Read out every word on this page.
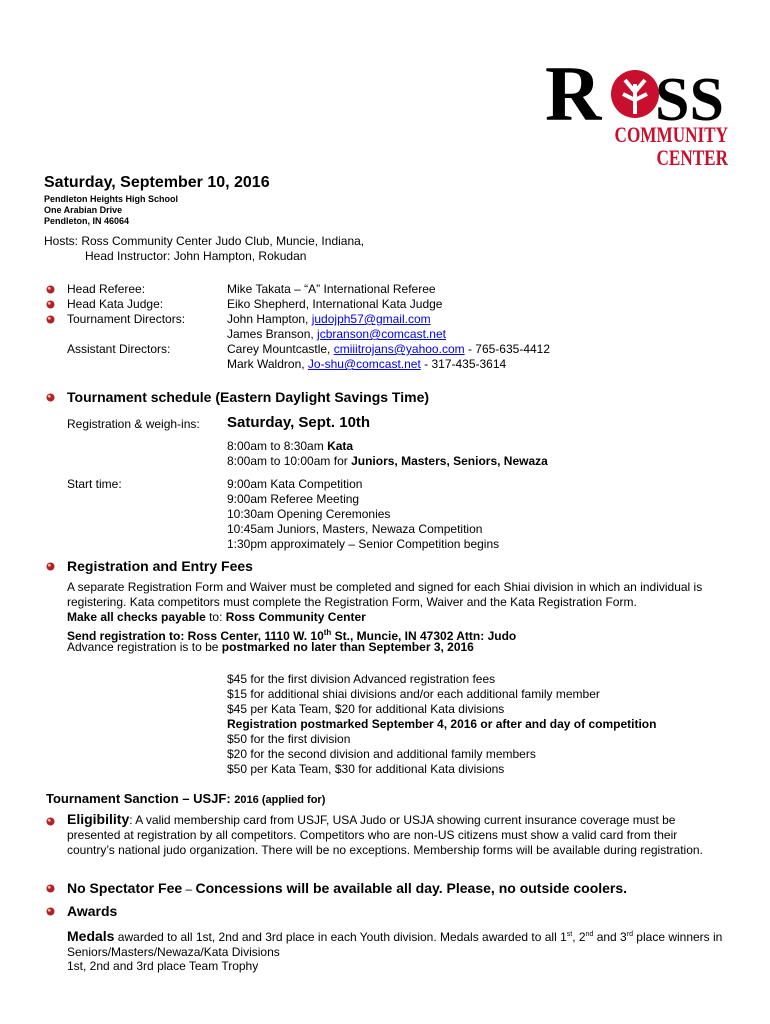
R SS
COMMUNITY
CENTER
Saturday, September 10, 2016
Pendleton Heights High School
One Arabian Drive
Pendleton, IN 46064
Hosts: Ross Community Center Judo Club, Muncie, Indiana,
Head Instructor: John Hampton, Rokudan
Head Referee:	Mike Takata – “A” International Referee
Head Kata Judge:	Eiko Shepherd, International Kata Judge
Tournament Directors:	John Hampton, judojph57@gmail.com
James Branson, jcbranson@comcast.net
Assistant Directors:	Carey Mountcastle, cmiiitrojans@yahoo.com - 765-635-4412
Mark Waldron, Jo-shu@comcast.net - 317-435-3614
Tournament schedule (Eastern Daylight Savings Time)
Registration & weigh-ins: Saturday, Sept. 10th
8:00am to 8:30am Kata
8:00am to 10:00am for Juniors, Masters, Seniors, Newaza
Start time:	9:00am Kata Competition
9:00am Referee Meeting
10:30am Opening Ceremonies
10:45am Juniors, Masters, Newaza Competition
1:30pm approximately – Senior Competition begins
Registration and Entry Fees
A separate Registration Form and Waiver must be completed and signed for each Shiai division in which an individual is registering. Kata competitors must complete the Registration Form, Waiver and the Kata Registration Form.
Make all checks payable to: Ross Community Center
Send registration to: Ross Center, 1110 W. 10th St., Muncie, IN 47302 Attn: Judo
Advance registration is to be postmarked no later than September 3, 2016
$45 for the first division Advanced registration fees
$15 for additional shiai divisions and/or each additional family member
$45 per Kata Team, $20 for additional Kata divisions
Registration postmarked September 4, 2016 or after and day of competition
$50 for the first division
$20 for the second division and additional family members
$50 per Kata Team, $30 for additional Kata divisions
Tournament Sanction – USJF: 2016 (applied for)
Eligibility: A valid membership card from USJF, USA Judo or USJA showing current insurance coverage must be presented at registration by all competitors. Competitors who are non-US citizens must show a valid card from their country’s national judo organization. There will be no exceptions. Membership forms will be available during registration.
No Spectator Fee – Concessions will be available all day. Please, no outside coolers.
Awards
Medals awarded to all 1st, 2nd and 3rd place in each Youth division. Medals awarded to all 1st, 2nd and 3rd place winners in Seniors/Masters/Newaza/Kata Divisions
1st, 2nd and 3rd place Team Trophy
